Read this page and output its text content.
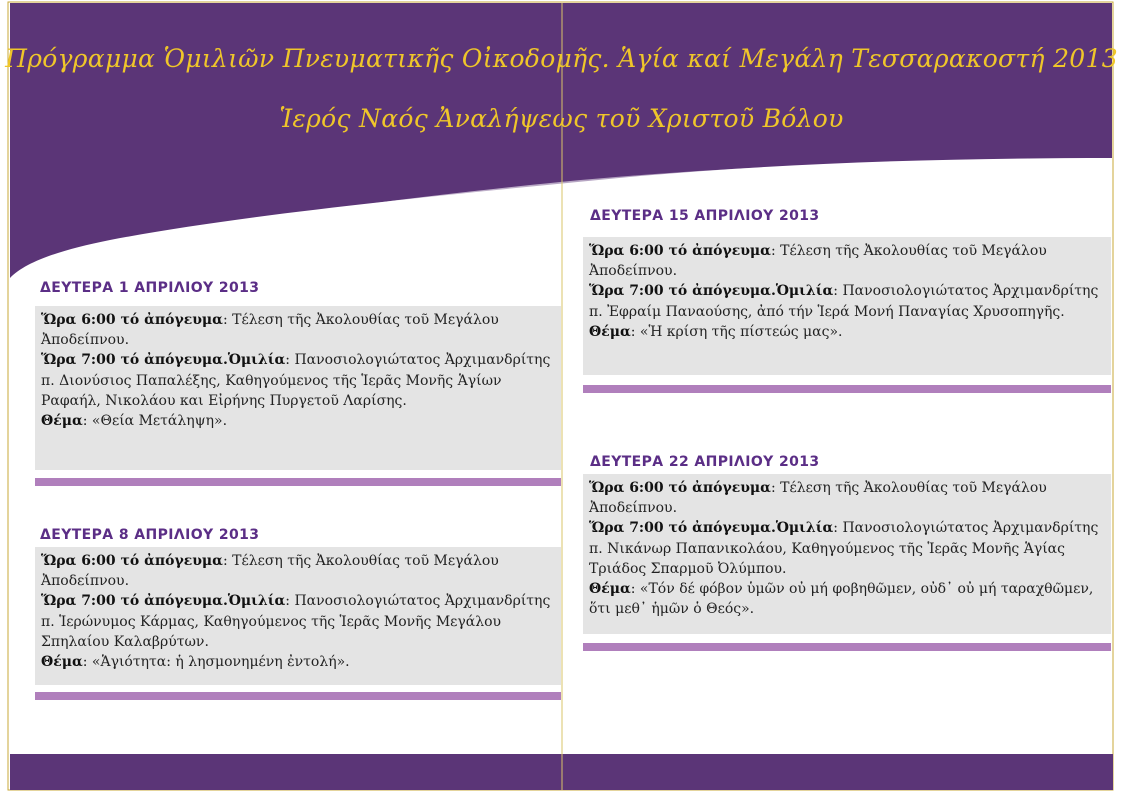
Πρόγραμμα Ὁμιλιῶν Πνευματικῆς Οἰκοδομῆς. Ἁγία καί Μεγάλη Τεσσαρακοστή 2013
Ἱερός Ναός Ἀναλήψεως τοῦ Χριστοῦ Βόλου
ΔΕΥΤΕΡΑ 1 ΑΠΡΙΛΙΟΥ 2013

Ὥρα 6:00 τό ἀπόγευμα: Τέλεση τῆς Ἀκολουθίας τοῦ Μεγάλου Ἀποδείπνου.

Ὥρα 7:00 τό ἀπόγευμα.Ὁμιλία: Πανοσιολογιώτατος Ἀρχιμανδρίτης π. Διονύσιος Παπαλέξης, Καθηγούμενος τῆς Ἱερᾶς Μονῆς Ἁγίων Ραφαήλ, Νικολάου και Εἰρήνης Πυργετοῦ Λαρίσης.

Θέμα: «Θεία Μετάληψη».

ΔΕΥΤΕΡΑ 8 ΑΠΡΙΛΙΟΥ 2013

Ὥρα 6:00 τό ἀπόγευμα: Τέλεση τῆς Ἀκολουθίας τοῦ Μεγάλου Ἀποδείπνου.

Ὥρα 7:00 τό ἀπόγευμα.Ὁμιλία: Πανοσιολογιώτατος Ἀρχιμανδρίτης π. Ἱερώνυμος Κάρμας, Καθηγούμενος τῆς Ἱερᾶς Μονῆς Μεγάλου Σπηλαίου Καλαβρύτων.

Θέμα: «Ἁγιότητα: ἡ λησμονημένη ἐντολή».

ΔΕΥΤΕΡΑ 15 ΑΠΡΙΛΙΟΥ 2013

Ὥρα 6:00 τό ἀπόγευμα: Τέλεση τῆς Ἀκολουθίας τοῦ Μεγάλου Ἀποδείπνου.

Ὥρα 7:00 τό ἀπόγευμα.Ὁμιλία: Πανοσιολογιώτατος Ἀρχιμανδρίτης π. Ἐφραίμ Παναούσης, ἀπό τήν Ἱερά Μονή Παναγίας Χρυσοπηγῆς.

Θέμα: «Ἡ κρίση τῆς πίστεώς μας».

ΔΕΥΤΕΡΑ 22 ΑΠΡΙΛΙΟΥ 2013

Ὥρα 6:00 τό ἀπόγευμα: Τέλεση τῆς Ἀκολουθίας τοῦ Μεγάλου Ἀποδείπνου.

Ὥρα 7:00 τό ἀπόγευμα.Ὁμιλία: Πανοσιολογιώτατος Ἀρχιμανδρίτης π. Νικάνωρ Παπανικολάου, Καθηγούμενος τῆς Ἱερᾶς Μονῆς Ἁγίας Τριάδος Σπαρμοῦ Ὀλύμπου.

Θέμα: «Τόν δέ φόβον ὑμῶν οὐ μή φοβηθῶμεν, οὐδ᾽ οὐ μή ταραχθῶμεν, ὅτι μεθ᾽ ἡμῶν ὁ Θεός».
